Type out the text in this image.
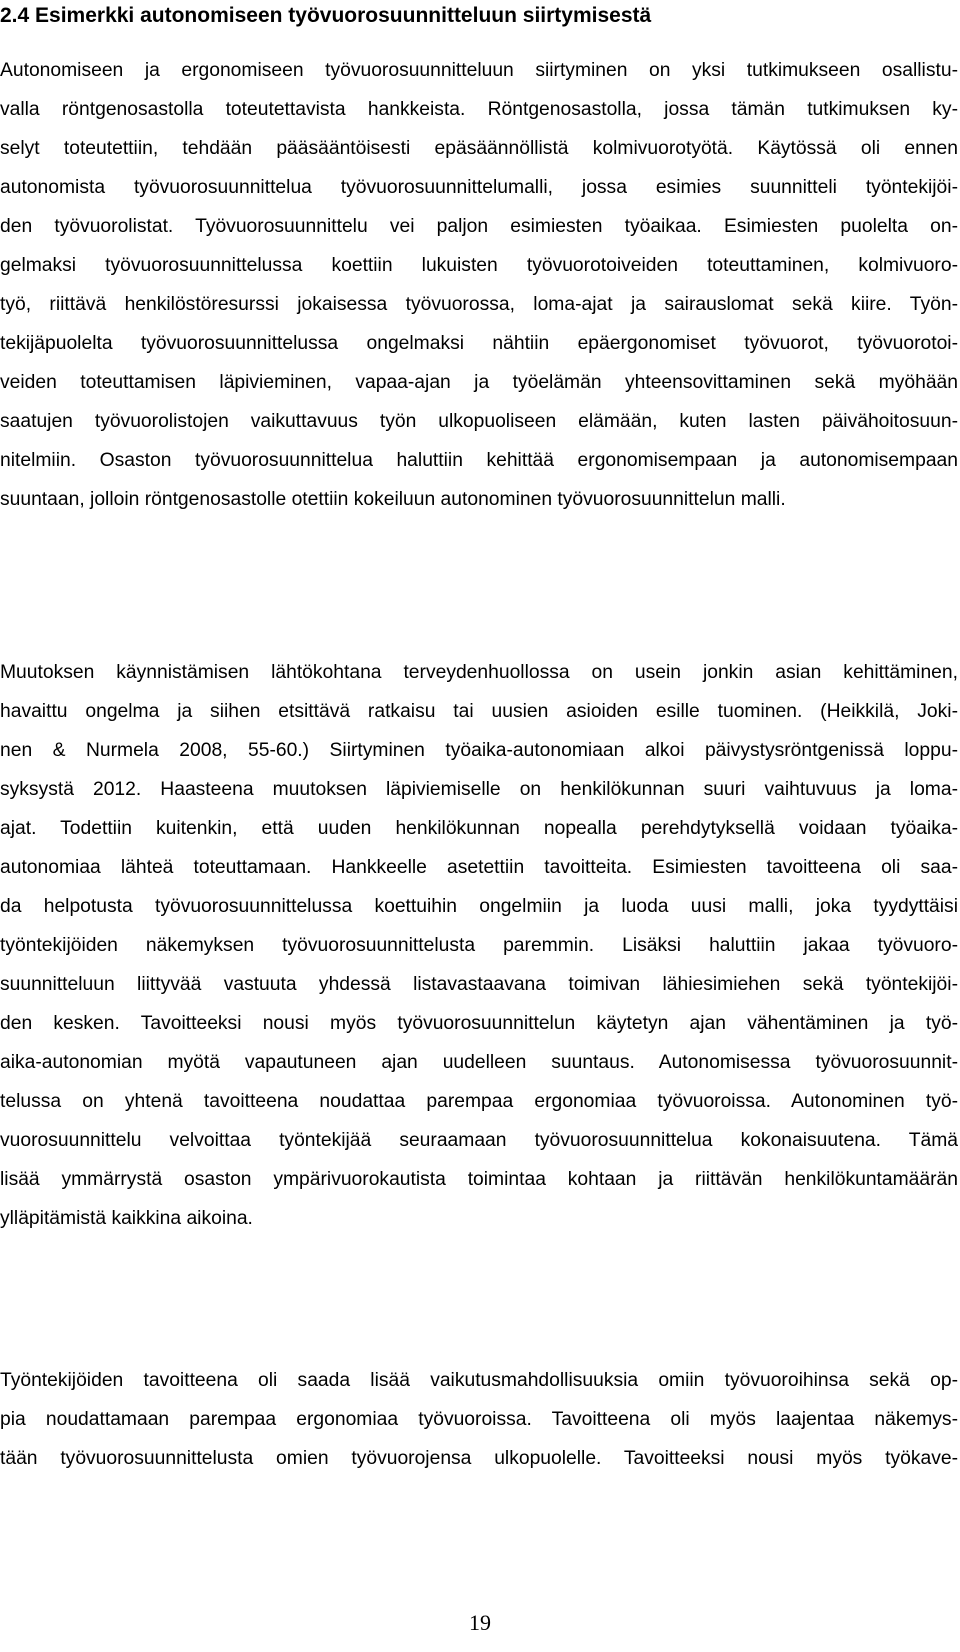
2.4 Esimerkki autonomiseen työvuorosuunnitteluun siirtymisestä
Autonomiseen ja ergonomiseen työvuorosuunnitteluun siirtyminen on yksi tutkimukseen osallistu-
valla röntgenosastolla toteutettavista hankkeista. Röntgenosastolla, jossa tämän tutkimuksen ky-
selyt toteutettiin, tehdään pääsääntöisesti epäsäännöllistä kolmivuorotyötä. Käytössä oli ennen
autonomista työvuorosuunnittelua työvuorosuunnittelumalli, jossa esimies suunnitteli työntekijöi-
den työvuorolistat. Työvuorosuunnittelu vei paljon esimiesten työaikaa. Esimiesten puolelta on-
gelmaksi työvuorosuunnittelussa koettiin lukuisten työvuorotoiveiden toteuttaminen, kolmivuoro-
työ, riittävä henkilöstöresurssi jokaisessa työvuorossa, loma-ajat ja sairauslomat sekä kiire. Työn-
tekijäpuolelta työvuorosuunnittelussa ongelmaksi nähtiin epäergonomiset työvuorot, työvuorotoi-
veiden toteuttamisen läpivieminen, vapaa-ajan ja työelämän yhteensovittaminen sekä myöhään
saatujen työvuorolistojen vaikuttavuus työn ulkopuoliseen elämään, kuten lasten päivähoitosuun-
nitelmiin. Osaston työvuorosuunnittelua haluttiin kehittää ergonomisempaan ja autonomisempaan
suuntaan, jolloin röntgenosastolle otettiin kokeiluun autonominen työvuorosuunnittelun malli.
Muutoksen käynnistämisen lähtökohtana terveydenhuollossa on usein jonkin asian kehittäminen,
havaittu ongelma ja siihen etsittävä ratkaisu tai uusien asioiden esille tuominen. (Heikkilä, Joki-
nen & Nurmela 2008, 55-60.) Siirtyminen työaika-autonomiaan alkoi päivystysröntgenissä loppu-
syksystä 2012. Haasteena muutoksen läpiviemiselle on henkilökunnan suuri vaihtuvuus ja loma-
ajat. Todettiin kuitenkin, että uuden henkilökunnan nopealla perehdytyksellä voidaan työaika-
autonomiaa lähteä toteuttamaan. Hankkeelle asetettiin tavoitteita. Esimiesten tavoitteena oli saa-
da helpotusta työvuorosuunnittelussa koettuihin ongelmiin ja luoda uusi malli, joka tyydyttäisi
työntekijöiden näkemyksen työvuorosuunnittelusta paremmin. Lisäksi haluttiin jakaa työvuoro-
suunnitteluun liittyvää vastuuta yhdessä listavastaavana toimivan lähiesimiehen sekä työntekijöi-
den kesken. Tavoitteeksi nousi myös työvuorosuunnittelun käytetyn ajan vähentäminen ja työ-
aika-autonomian myötä vapautuneen ajan uudelleen suuntaus. Autonomisessa työvuorosuunnit-
telussa on yhtenä tavoitteena noudattaa parempaa ergonomiaa työvuoroissa. Autonominen työ-
vuorosuunnittelu velvoittaa työntekijää seuraamaan työvuorosuunnittelua kokonaisuutena. Tämä
lisää ymmärrystä osaston ympärivuorokautista toimintaa kohtaan ja riittävän henkilökuntamäärän
ylläpitämistä kaikkina aikoina.
Työntekijöiden tavoitteena oli saada lisää vaikutusmahdollisuuksia omiin työvuoroihinsa sekä op-
pia noudattamaan parempaa ergonomiaa työvuoroissa. Tavoitteena oli myös laajentaa näkemys-
tään työvuorosuunnittelusta omien työvuorojensa ulkopuolelle. Tavoitteeksi nousi myös työkave-
19
